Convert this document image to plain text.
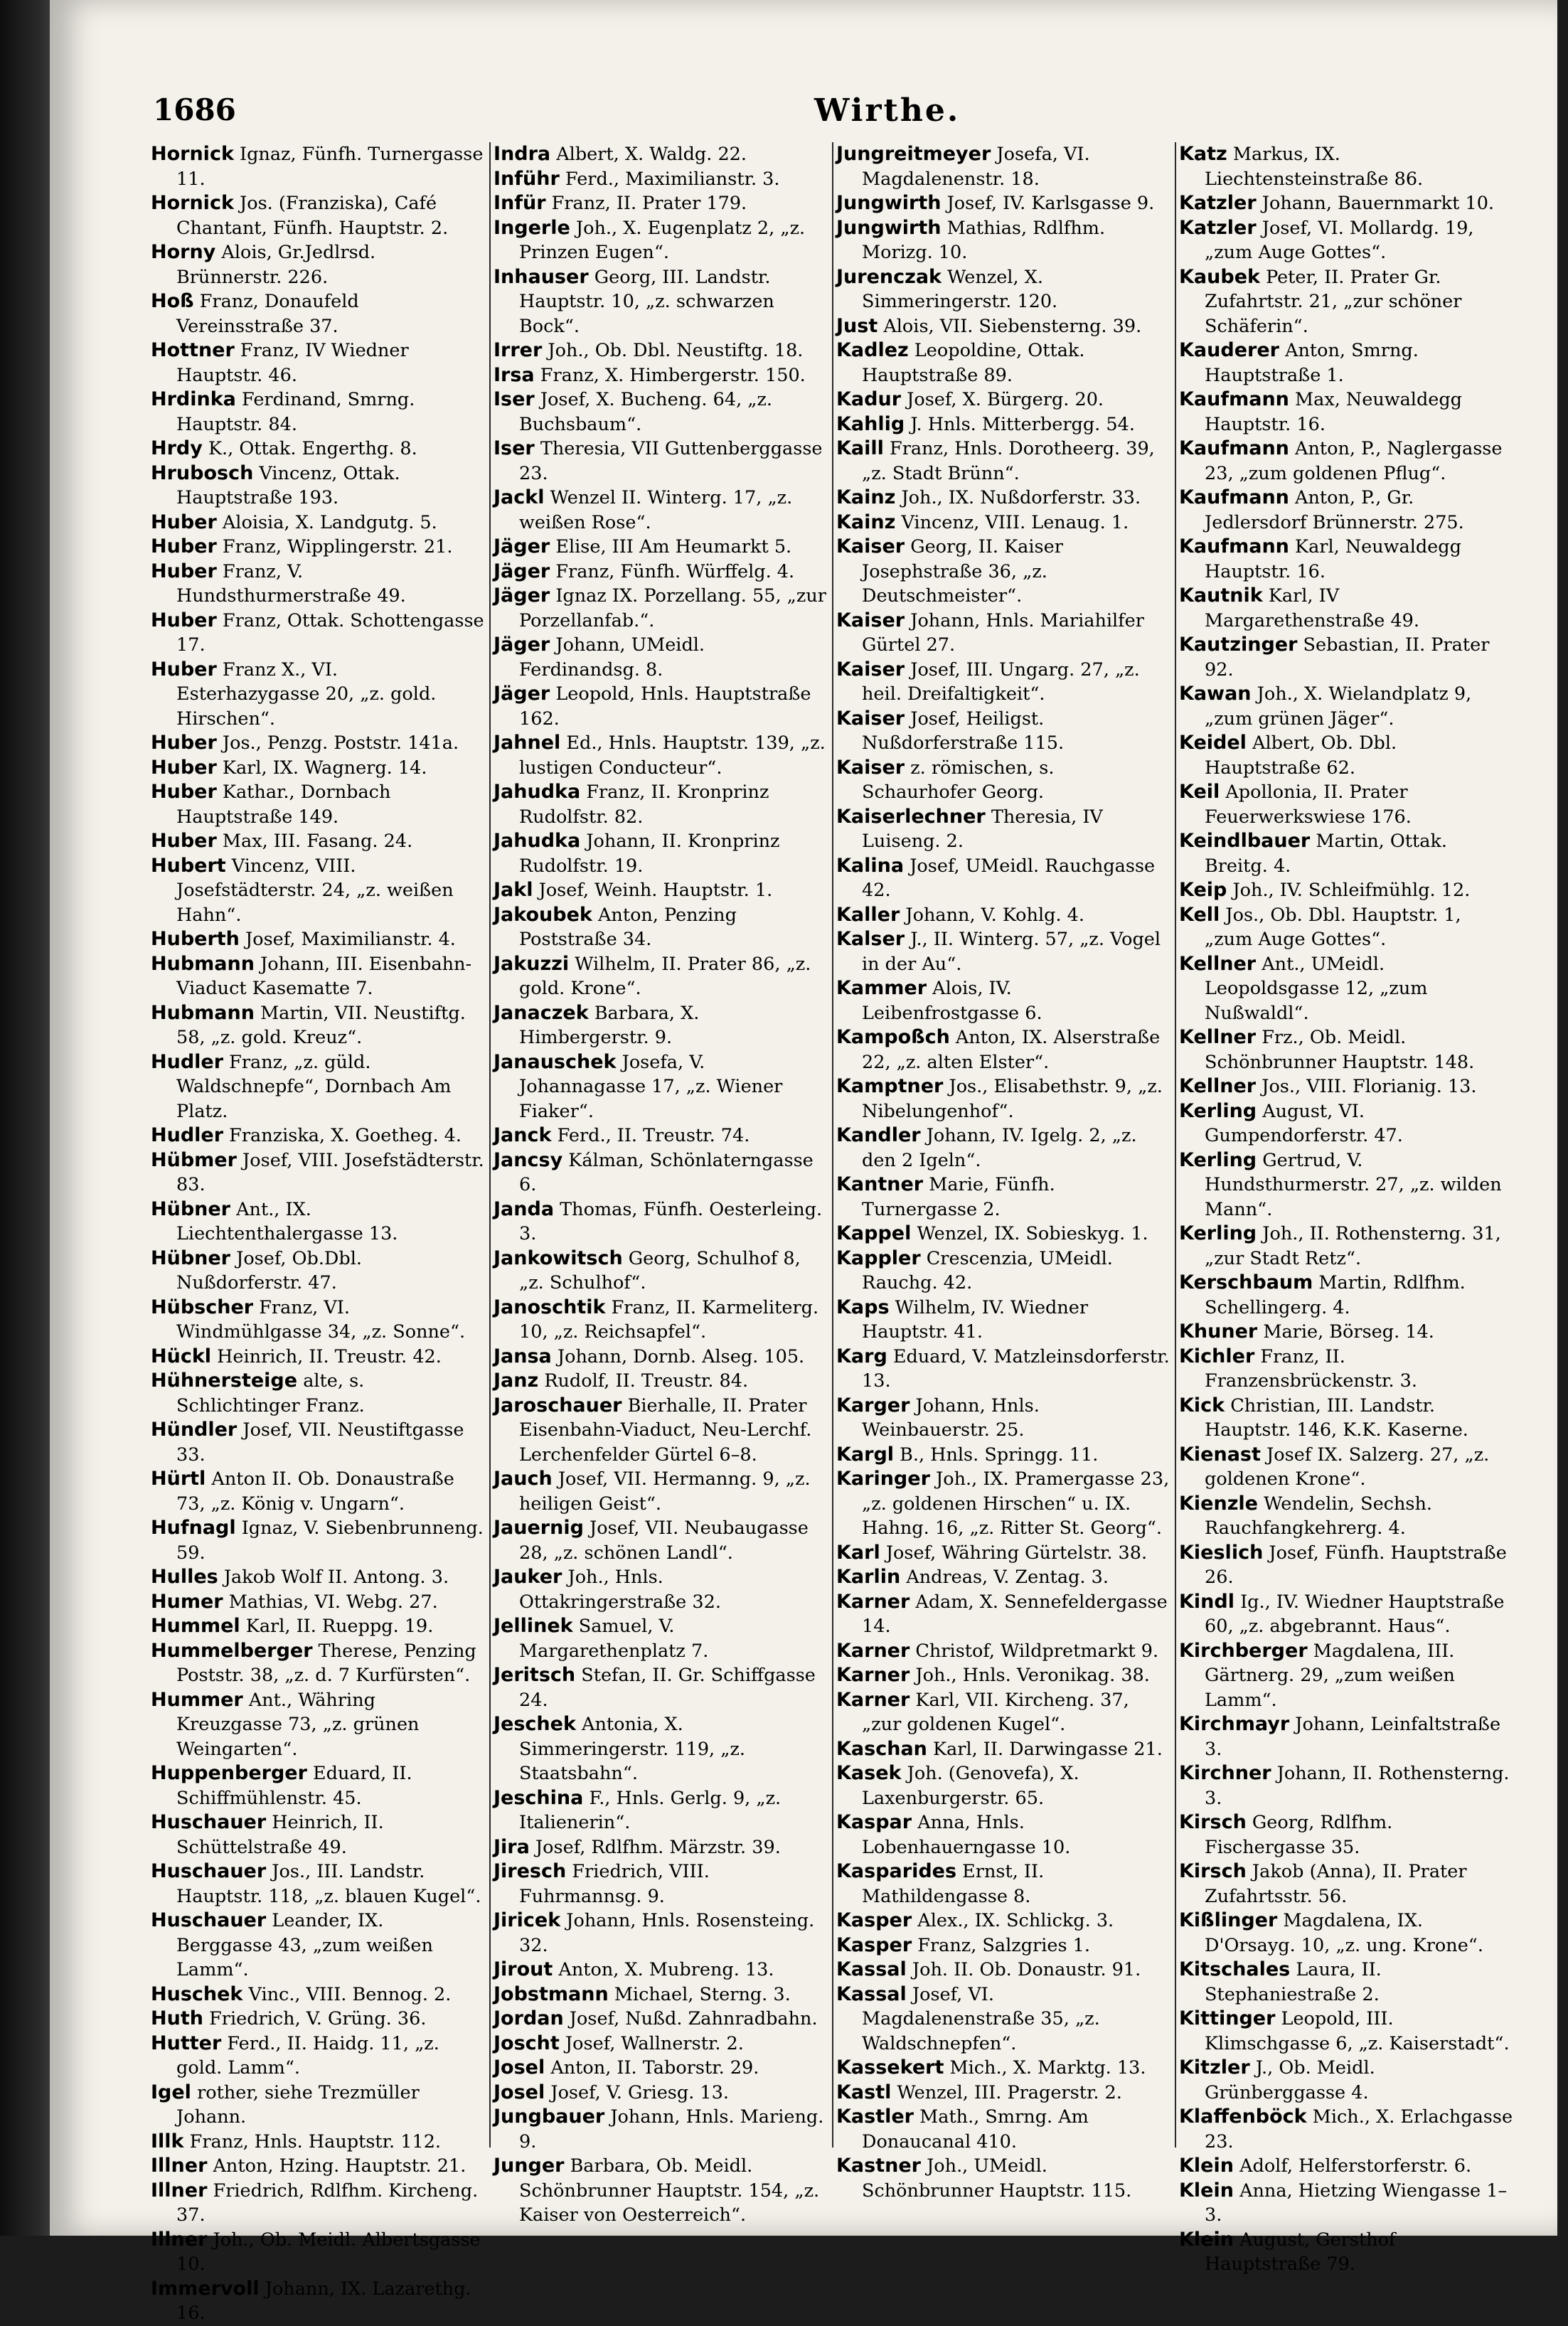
1686	Wirthe.
Hornick Ignaz, Fünfh. Turnergasse 11.
Hornick Jos. (Franziska), Café Chantant, Fünfh. Hauptstr. 2.
Horny Alois, Gr.Jedlrsd. Brünnerstr. 226.
Hoß Franz, Donaufeld Vereinsstraße 37.
Hottner Franz, IV Wiedner Hauptstr. 46.
Hrdinka Ferdinand, Smrng. Hauptstr. 84.
Hrdy K., Ottak. Engerthg. 8.
Hrubosch Vincenz, Ottak. Hauptstraße 193.
Huber Aloisia, X. Landgutg. 5.
Huber Franz, Wipplingerstr. 21.
Huber Franz, V. Hundsthurmerstraße 49.
Huber Franz, Ottak. Schottengasse 17.
Huber Franz X., VI. Esterhazygasse 20, „z. gold. Hirschen“.
Huber Jos., Penzg. Poststr. 141a.
Huber Karl, IX. Wagnerg. 14.
Huber Kathar., Dornbach Hauptstraße 149.
Huber Max, III. Fasang. 24.
Hubert Vincenz, VIII. Josefstädterstr. 24, „z. weißen Hahn“.
Huberth Josef, Maximilianstr. 4.
Hubmann Johann, III. Eisenbahn-Viaduct Kasematte 7.
Hubmann Martin, VII. Neustiftg. 58, „z. gold. Kreuz“.
Hudler Franz, „z. güld. Waldschnepfe“, Dornbach Am Platz.
Hudler Franziska, X. Goetheg. 4.
Hübmer Josef, VIII. Josefstädterstr. 83.
Hübner Ant., IX. Liechtenthalergasse 13.
Hübner Josef, Ob.Dbl. Nußdorferstr. 47.
Hübscher Franz, VI. Windmühlgasse 34, „z. Sonne“.
Hückl Heinrich, II. Treustr. 42.
Hühnersteige alte, s. Schlichtinger Franz.
Hündler Josef, VII. Neustiftgasse 33.
Hürtl Anton II. Ob. Donaustraße 73, „z. König v. Ungarn“.
Hufnagl Ignaz, V. Siebenbrunneng. 59.
Hulles Jakob Wolf II. Antong. 3.
Humer Mathias, VI. Webg. 27.
Hummel Karl, II. Rueppg. 19.
Hummelberger Therese, Penzing Poststr. 38, „z. d. 7 Kurfürsten“.
Hummer Ant., Währing Kreuzgasse 73, „z. grünen Weingarten“.
Huppenberger Eduard, II. Schiffmühlenstr. 45.
Huschauer Heinrich, II. Schüttelstraße 49.
Huschauer Jos., III. Landstr. Hauptstr. 118, „z. blauen Kugel“.
Huschauer Leander, IX. Berggasse 43, „zum weißen Lamm“.
Huschek Vinc., VIII. Bennog. 2.
Huth Friedrich, V. Grüng. 36.
Hutter Ferd., II. Haidg. 11, „z. gold. Lamm“.
Igel rother, siehe Trezmüller Johann.
Illk Franz, Hnls. Hauptstr. 112.
Illner Anton, Hzing. Hauptstr. 21.
Illner Friedrich, Rdlfhm. Kircheng. 37.
Illner Joh., Ob. Meidl. Albertsgasse 10.
Immervoll Johann, IX. Lazarethg. 16.
Indra Albert, X. Waldg. 22.
Inführ Ferd., Maximilianstr. 3.
Infür Franz, II. Prater 179.
Ingerle Joh., X. Eugenplatz 2, „z. Prinzen Eugen“.
Inhauser Georg, III. Landstr. Hauptstr. 10, „z. schwarzen Bock“.
Irrer Joh., Ob. Dbl. Neustiftg. 18.
Irsa Franz, X. Himbergerstr. 150.
Iser Josef, X. Bucheng. 64, „z. Buchsbaum“.
Iser Theresia, VII Guttenberggasse 23.
Jackl Wenzel II. Winterg. 17, „z. weißen Rose“.
Jäger Elise, III Am Heumarkt 5.
Jäger Franz, Fünfh. Würffelg. 4.
Jäger Ignaz IX. Porzellang. 55, „zur Porzellanfab.“.
Jäger Johann, UMeidl. Ferdinandsg. 8.
Jäger Leopold, Hnls. Hauptstraße 162.
Jahnel Ed., Hnls. Hauptstr. 139, „z. lustigen Conducteur“.
Jahudka Franz, II. Kronprinz Rudolfstr. 82.
Jahudka Johann, II. Kronprinz Rudolfstr. 19.
Jakl Josef, Weinh. Hauptstr. 1.
Jakoubek Anton, Penzing Poststraße 34.
Jakuzzi Wilhelm, II. Prater 86, „z. gold. Krone“.
Janaczek Barbara, X. Himbergerstr. 9.
Janauschek Josefa, V. Johannagasse 17, „z. Wiener Fiaker“.
Janck Ferd., II. Treustr. 74.
Jancsy Kálman, Schönlaterngasse 6.
Janda Thomas, Fünfh. Oesterleing. 3.
Jankowitsch Georg, Schulhof 8, „z. Schulhof“.
Janoschtik Franz, II. Karmeliterg. 10, „z. Reichsapfel“.
Jansa Johann, Dornb. Alseg. 105.
Janz Rudolf, II. Treustr. 84.
Jaroschauer Bierhalle, II. Prater Eisenbahn-Viaduct, Neu-Lerchf. Lerchenfelder Gürtel 6–8.
Jauch Josef, VII. Hermanng. 9, „z. heiligen Geist“.
Jauernig Josef, VII. Neubaugasse 28, „z. schönen Landl“.
Jauker Joh., Hnls. Ottakringerstraße 32.
Jellinek Samuel, V. Margarethenplatz 7.
Jeritsch Stefan, II. Gr. Schiffgasse 24.
Jeschek Antonia, X. Simmeringerstr. 119, „z. Staatsbahn“.
Jeschina F., Hnls. Gerlg. 9, „z. Italienerin“.
Jira Josef, Rdlfhm. Märzstr. 39.
Jiresch Friedrich, VIII. Fuhrmannsg. 9.
Jiricek Johann, Hnls. Rosensteing. 32.
Jirout Anton, X. Mubreng. 13.
Jobstmann Michael, Sterng. 3.
Jordan Josef, Nußd. Zahnradbahn.
Joscht Josef, Wallnerstr. 2.
Josel Anton, II. Taborstr. 29.
Josel Josef, V. Griesg. 13.
Jungbauer Johann, Hnls. Marieng. 9.
Junger Barbara, Ob. Meidl. Schönbrunner Hauptstr. 154, „z. Kaiser von Oesterreich“.
Jungreitmeyer Josefa, VI. Magdalenenstr. 18.
Jungwirth Josef, IV. Karlsgasse 9.
Jungwirth Mathias, Rdlfhm. Morizg. 10.
Jurenczak Wenzel, X. Simmeringerstr. 120.
Just Alois, VII. Siebensterng. 39.
Kadlez Leopoldine, Ottak. Hauptstraße 89.
Kadur Josef, X. Bürgerg. 20.
Kahlig J. Hnls. Mitterbergg. 54.
Kaill Franz, Hnls. Dorotheerg. 39, „z. Stadt Brünn“.
Kainz Joh., IX. Nußdorferstr. 33.
Kainz Vincenz, VIII. Lenaug. 1.
Kaiser Georg, II. Kaiser Josephstraße 36, „z. Deutschmeister“.
Kaiser Johann, Hnls. Mariahilfer Gürtel 27.
Kaiser Josef, III. Ungarg. 27, „z. heil. Dreifaltigkeit“.
Kaiser Josef, Heiligst. Nußdorferstraße 115.
Kaiser z. römischen, s. Schaurhofer Georg.
Kaiserlechner Theresia, IV Luiseng. 2.
Kalina Josef, UMeidl. Rauchgasse 42.
Kaller Johann, V. Kohlg. 4.
Kalser J., II. Winterg. 57, „z. Vogel in der Au“.
Kammer Alois, IV. Leibenfrostgasse 6.
Kampoßch Anton, IX. Alserstraße 22, „z. alten Elster“.
Kamptner Jos., Elisabethstr. 9, „z. Nibelungenhof“.
Kandler Johann, IV. Igelg. 2, „z. den 2 Igeln“.
Kantner Marie, Fünfh. Turnergasse 2.
Kappel Wenzel, IX. Sobieskyg. 1.
Kappler Crescenzia, UMeidl. Rauchg. 42.
Kaps Wilhelm, IV. Wiedner Hauptstr. 41.
Karg Eduard, V. Matzleinsdorferstr. 13.
Karger Johann, Hnls. Weinbauerstr. 25.
Kargl B., Hnls. Springg. 11.
Karinger Joh., IX. Pramergasse 23, „z. goldenen Hirschen“ u. IX. Hahng. 16, „z. Ritter St. Georg“.
Karl Josef, Währing Gürtelstr. 38.
Karlin Andreas, V. Zentag. 3.
Karner Adam, X. Sennefeldergasse 14.
Karner Christof, Wildpretmarkt 9.
Karner Joh., Hnls. Veronikag. 38.
Karner Karl, VII. Kircheng. 37, „zur goldenen Kugel“.
Kaschan Karl, II. Darwingasse 21.
Kasek Joh. (Genovefa), X. Laxenburgerstr. 65.
Kaspar Anna, Hnls. Lobenhauerngasse 10.
Kasparides Ernst, II. Mathildengasse 8.
Kasper Alex., IX. Schlickg. 3.
Kasper Franz, Salzgries 1.
Kassal Joh. II. Ob. Donaustr. 91.
Kassal Josef, VI. Magdalenenstraße 35, „z. Waldschnepfen“.
Kassekert Mich., X. Marktg. 13.
Kastl Wenzel, III. Pragerstr. 2.
Kastler Math., Smrng. Am Donaucanal 410.
Kastner Joh., UMeidl. Schönbrunner Hauptstr. 115.
Katz Markus, IX. Liechtensteinstraße 86.
Katzler Johann, Bauernmarkt 10.
Katzler Josef, VI. Mollardg. 19, „zum Auge Gottes“.
Kaubek Peter, II. Prater Gr. Zufahrtstr. 21, „zur schöner Schäferin“.
Kauderer Anton, Smrng. Hauptstraße 1.
Kaufmann Max, Neuwaldegg Hauptstr. 16.
Kaufmann Anton, P., Naglergasse 23, „zum goldenen Pflug“.
Kaufmann Anton, P., Gr. Jedlersdorf Brünnerstr. 275.
Kaufmann Karl, Neuwaldegg Hauptstr. 16.
Kautnik Karl, IV Margarethenstraße 49.
Kautzinger Sebastian, II. Prater 92.
Kawan Joh., X. Wielandplatz 9, „zum grünen Jäger“.
Keidel Albert, Ob. Dbl. Hauptstraße 62.
Keil Apollonia, II. Prater Feuerwerkswiese 176.
Keindlbauer Martin, Ottak. Breitg. 4.
Keip Joh., IV. Schleifmühlg. 12.
Kell Jos., Ob. Dbl. Hauptstr. 1, „zum Auge Gottes“.
Kellner Ant., UMeidl. Leopoldsgasse 12, „zum Nußwaldl“.
Kellner Frz., Ob. Meidl. Schönbrunner Hauptstr. 148.
Kellner Jos., VIII. Florianig. 13.
Kerling August, VI. Gumpendorferstr. 47.
Kerling Gertrud, V. Hundsthurmerstr. 27, „z. wilden Mann“.
Kerling Joh., II. Rothensterng. 31, „zur Stadt Retz“.
Kerschbaum Martin, Rdlfhm. Schellingerg. 4.
Khuner Marie, Börseg. 14.
Kichler Franz, II. Franzensbrückenstr. 3.
Kick Christian, III. Landstr. Hauptstr. 146, K.K. Kaserne.
Kienast Josef IX. Salzerg. 27, „z. goldenen Krone“.
Kienzle Wendelin, Sechsh. Rauchfangkehrerg. 4.
Kieslich Josef, Fünfh. Hauptstraße 26.
Kindl Ig., IV. Wiedner Hauptstraße 60, „z. abgebrannt. Haus“.
Kirchberger Magdalena, III. Gärtnerg. 29, „zum weißen Lamm“.
Kirchmayr Johann, Leinfaltstraße 3.
Kirchner Johann, II. Rothensterng. 3.
Kirsch Georg, Rdlfhm. Fischergasse 35.
Kirsch Jakob (Anna), II. Prater Zufahrtsstr. 56.
Kißlinger Magdalena, IX. D'Orsayg. 10, „z. ung. Krone“.
Kitschales Laura, II. Stephaniestraße 2.
Kittinger Leopold, III. Klimschgasse 6, „z. Kaiserstadt“.
Kitzler J., Ob. Meidl. Grünberggasse 4.
Klaffenböck Mich., X. Erlachgasse 23.
Klein Adolf, Helferstorferstr. 6.
Klein Anna, Hietzing Wiengasse 1–3.
Klein August, Gersthof Hauptstraße 79.
